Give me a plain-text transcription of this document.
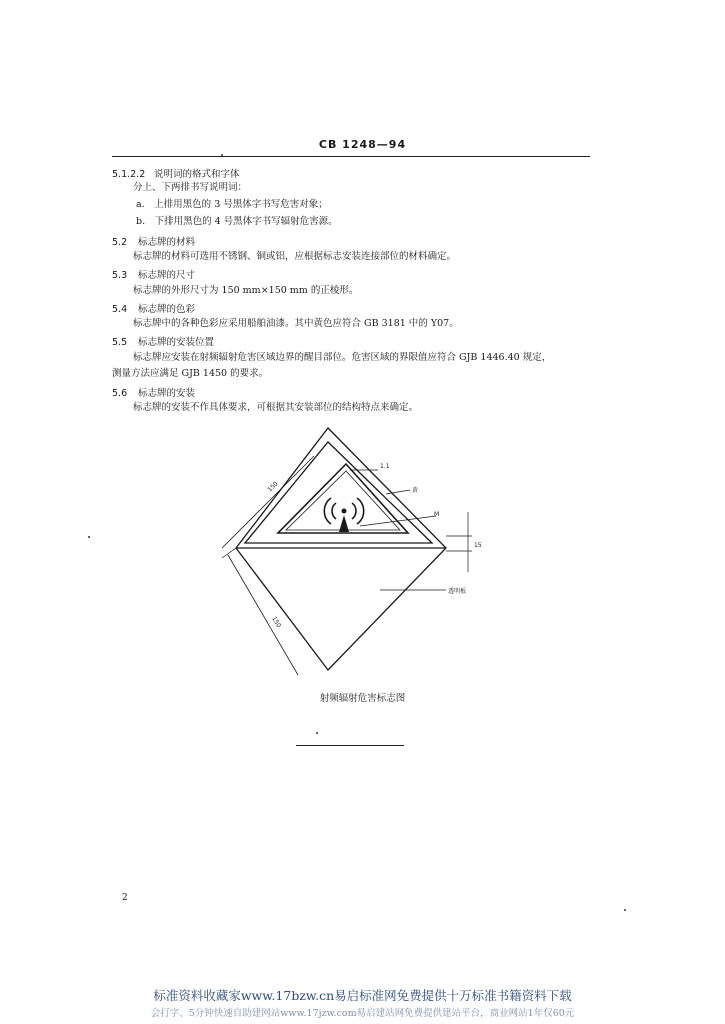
CB 1248—94
5.1.2.2 说明词的格式和字体
分上、下两排书写说明词：
a.　上排用黑色的 3 号黑体字书写危害对象；
b.　下排用黑色的 4 号黑体字书写辐射危害源。
5.2 标志牌的材料
标志牌的材料可选用不锈钢、铜或铝，应根据标志安装连接部位的材料确定。
5.3 标志牌的尺寸
标志牌的外形尺寸为 150 mm×150 mm 的正棱形。
5.4 标志牌的色彩
标志牌中的各种色彩应采用船舶油漆。其中黄色应符合 GB 3181 中的 Y07。
5.5 标志牌的安装位置
标志牌应安装在射频辐射危害区域边界的醒目部位。危害区域的界限值应符合 GJB 1446.40 规定，
测量方法应满足 GJB 1450 的要求。
5.6 标志牌的安装
标志牌的安装不作具体要求，可根据其安装部位的结构特点来确定。
1.1
黄
M
15
透明板
150
150
射频辐射危害标志图
2
标准资料收藏家www.17bzw.cn易启标准网免费提供十万标准书籍资料下载
会打字、5分钟快速自助建网站www.17jzw.com易启建站网免费提供建站平台，商业网站1年仅60元
